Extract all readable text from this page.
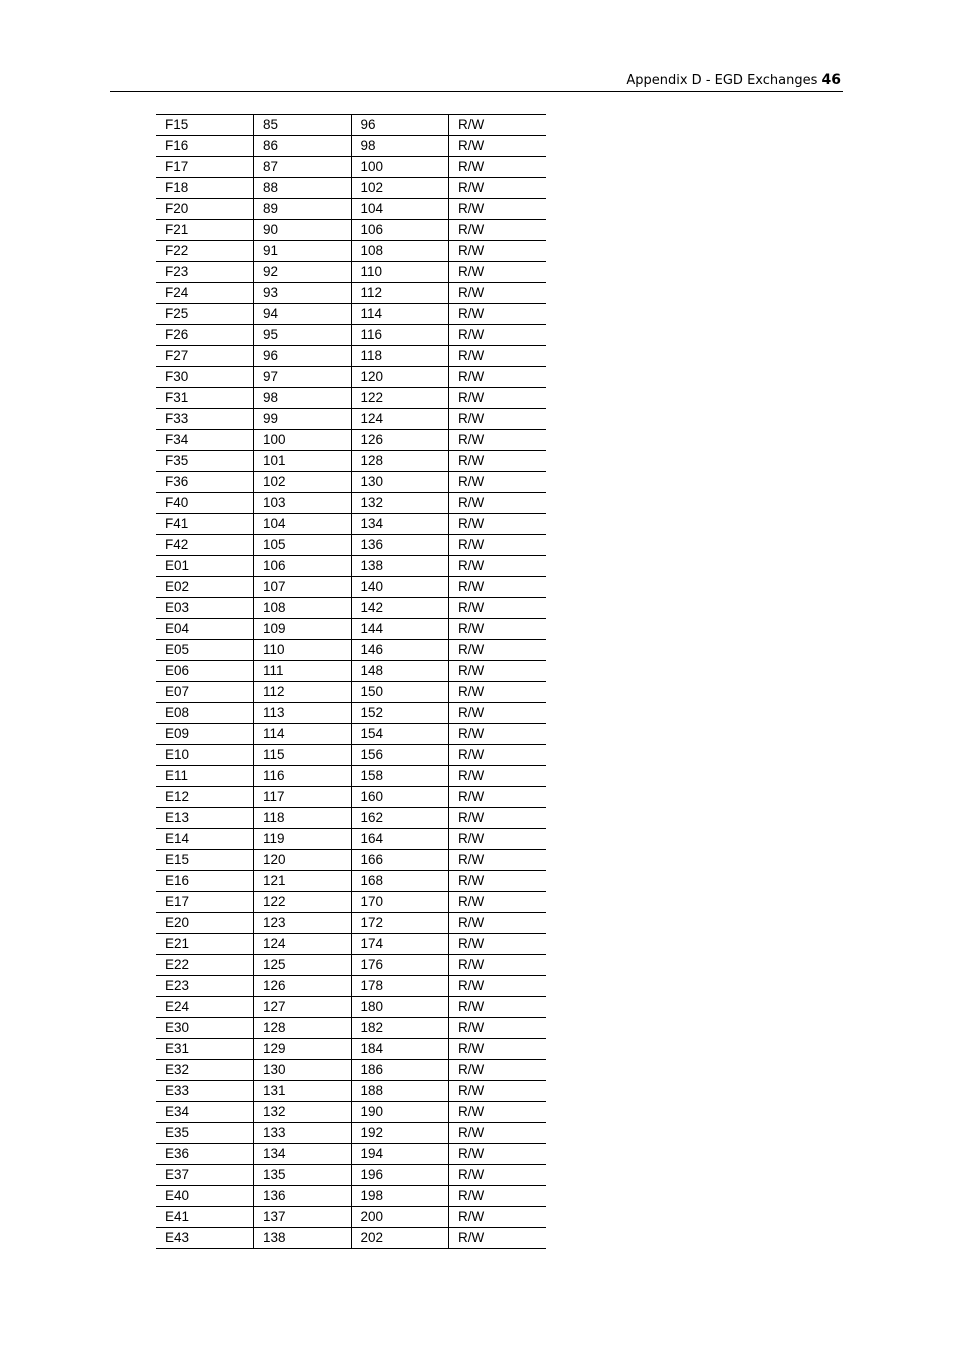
Appendix D - EGD Exchanges 46
F15	85	96	R/W
F16	86	98	R/W
F17	87	100	R/W
F18	88	102	R/W
F20	89	104	R/W
F21	90	106	R/W
F22	91	108	R/W
F23	92	110	R/W
F24	93	112	R/W
F25	94	114	R/W
F26	95	116	R/W
F27	96	118	R/W
F30	97	120	R/W
F31	98	122	R/W
F33	99	124	R/W
F34	100	126	R/W
F35	101	128	R/W
F36	102	130	R/W
F40	103	132	R/W
F41	104	134	R/W
F42	105	136	R/W
E01	106	138	R/W
E02	107	140	R/W
E03	108	142	R/W
E04	109	144	R/W
E05	110	146	R/W
E06	111	148	R/W
E07	112	150	R/W
E08	113	152	R/W
E09	114	154	R/W
E10	115	156	R/W
E11	116	158	R/W
E12	117	160	R/W
E13	118	162	R/W
E14	119	164	R/W
E15	120	166	R/W
E16	121	168	R/W
E17	122	170	R/W
E20	123	172	R/W
E21	124	174	R/W
E22	125	176	R/W
E23	126	178	R/W
E24	127	180	R/W
E30	128	182	R/W
E31	129	184	R/W
E32	130	186	R/W
E33	131	188	R/W
E34	132	190	R/W
E35	133	192	R/W
E36	134	194	R/W
E37	135	196	R/W
E40	136	198	R/W
E41	137	200	R/W
E43	138	202	R/W
